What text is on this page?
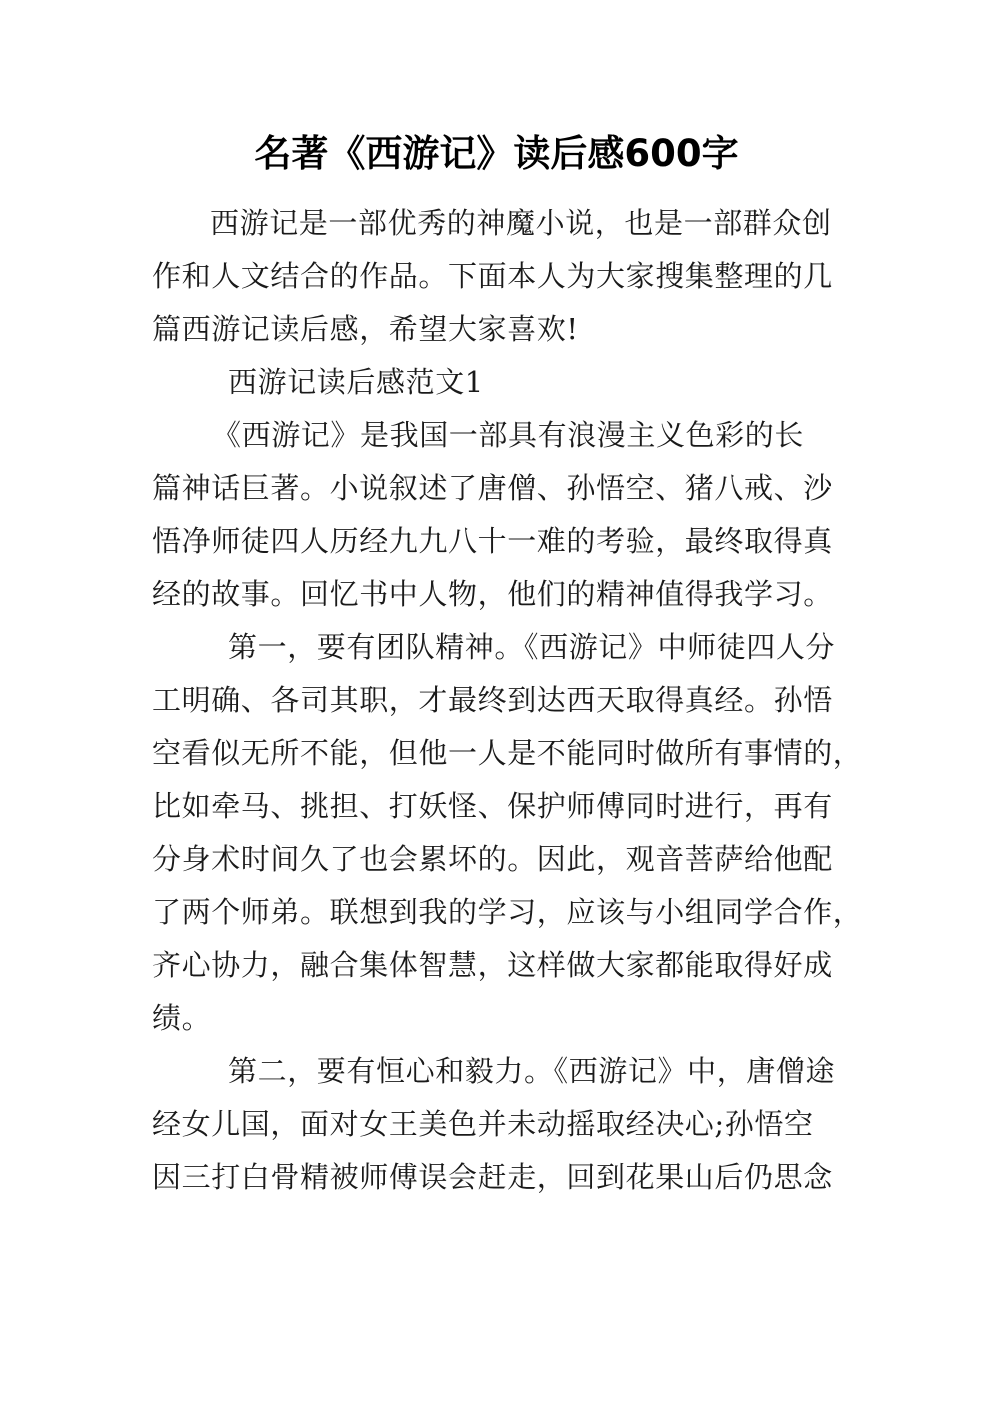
名著《西游记》读后感600字
西游记是一部优秀的神魔小说，也是一部群众创
作和人文结合的作品。下面本人为大家搜集整理的几
篇西游记读后感，希望大家喜欢!
西游记读后感范文1
《西游记》是我国一部具有浪漫主义色彩的长
篇神话巨著。小说叙述了唐僧、孙悟空、猪八戒、沙
悟净师徒四人历经九九八十一难的考验，最终取得真
经的故事。回忆书中人物，他们的精神值得我学习。
第一，要有团队精神。《西游记》中师徒四人分
工明确、各司其职，才最终到达西天取得真经。孙悟
空看似无所不能，但他一人是不能同时做所有事情的，
比如牵马、挑担、打妖怪、保护师傅同时进行，再有
分身术时间久了也会累坏的。因此，观音菩萨给他配
了两个师弟。联想到我的学习，应该与小组同学合作，
齐心协力，融合集体智慧，这样做大家都能取得好成
绩。
第二，要有恒心和毅力。《西游记》中，唐僧途
经女儿国，面对女王美色并未动摇取经决心;孙悟空
因三打白骨精被师傅误会赶走，回到花果山后仍思念
